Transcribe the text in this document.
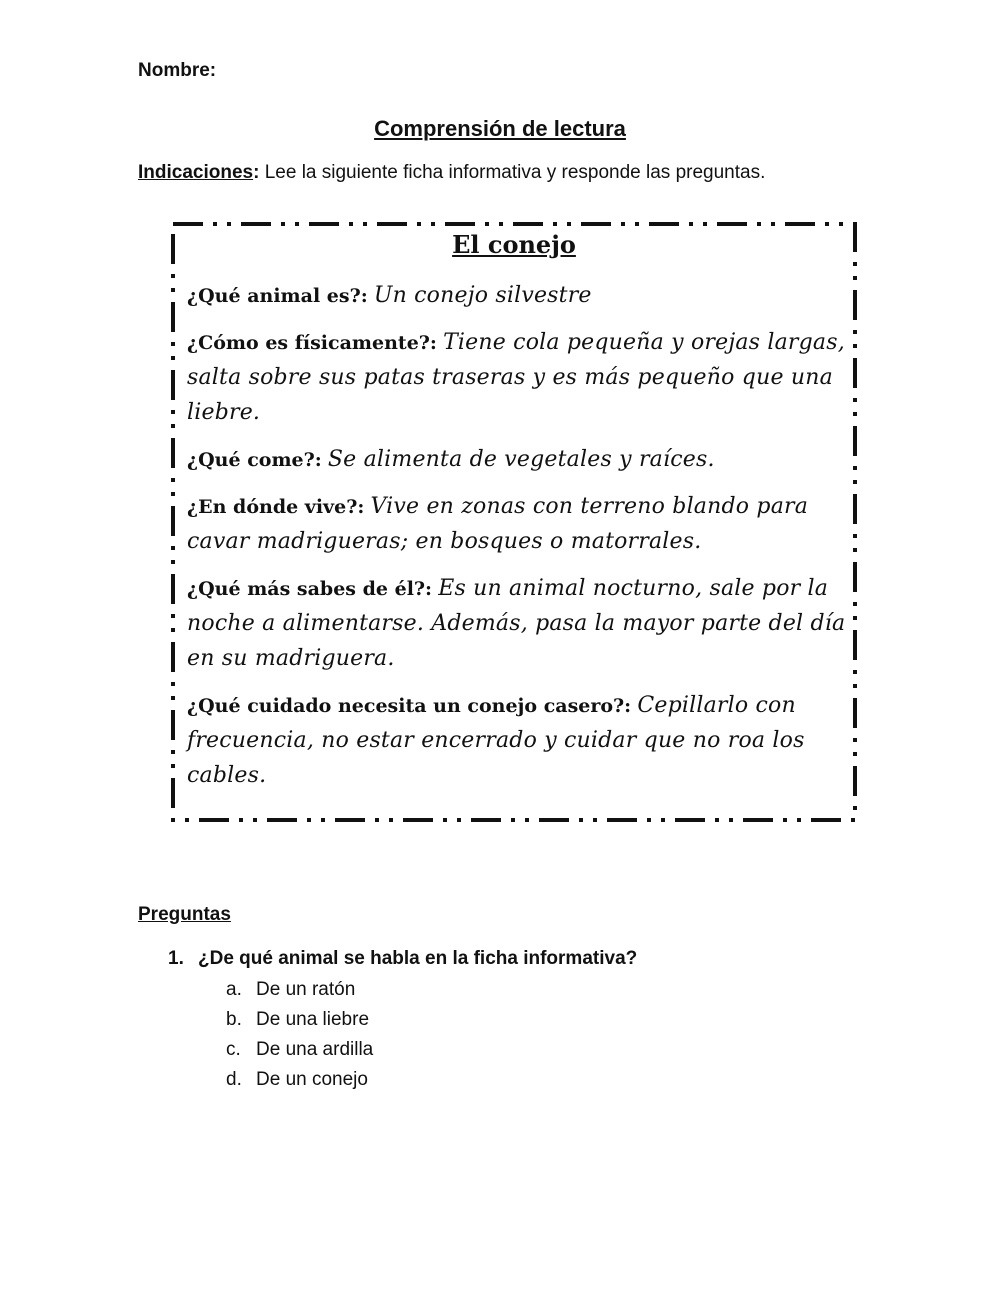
Nombre:
Comprensión de lectura
Indicaciones: Lee la siguiente ficha informativa y responde las preguntas.
El conejo
¿Qué animal es?: Un conejo silvestre
¿Cómo es físicamente?: Tiene cola pequeña y orejas largas, salta sobre sus patas traseras y es más pequeño que una liebre.
¿Qué come?: Se alimenta de vegetales y raíces.
¿En dónde vive?: Vive en zonas con terreno blando para cavar madrigueras; en bosques o matorrales.
¿Qué más sabes de él?: Es un animal nocturno, sale por la noche a alimentarse. Además, pasa la mayor parte del día en su madriguera.
¿Qué cuidado necesita un conejo casero?: Cepillarlo con frecuencia, no estar encerrado y cuidar que no roa los cables.
Preguntas
1. ¿De qué animal se habla en la ficha informativa?
a. De un ratón
b. De una liebre
c. De una ardilla
d. De un conejo
